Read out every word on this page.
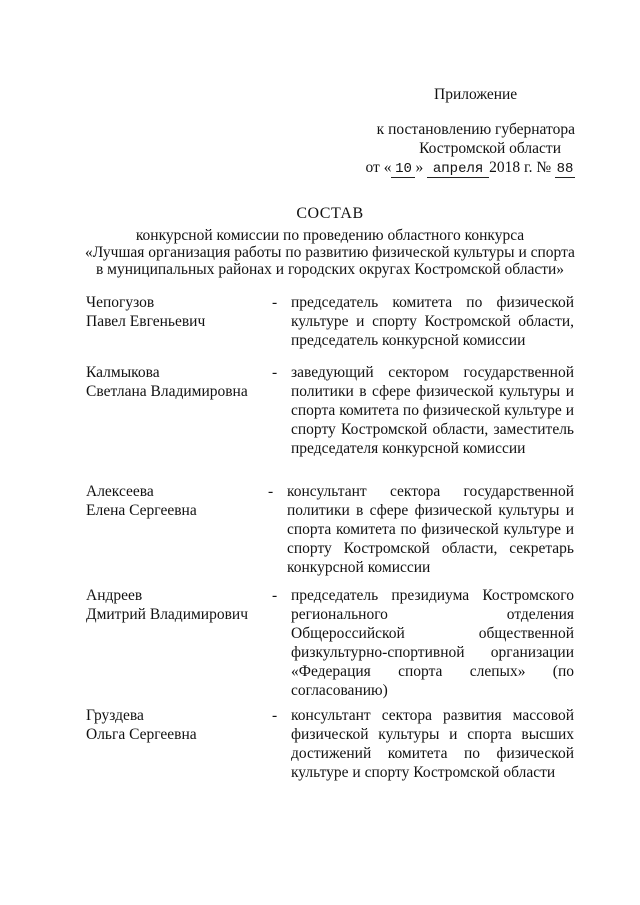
Приложение
к постановлению губернатора
Костромской области
от « 10 » апреля 2018 г. № 88
СОСТАВ
конкурсной комиссии по проведению областного конкурса
«Лучшая организация работы по развитию физической культуры и спорта
в муниципальных районах и городских округах Костромской области»
Чепогузов
Павел Евгеньевич
- председатель комитета по физической культуре и спорту Костромской области, председатель конкурсной комиссии
Калмыкова
Светлана Владимировна
- заведующий сектором государственной политики в сфере физической культуры и спорта комитета по физической культуре и спорту Костромской области, заместитель председателя конкурсной комиссии
Алексеева
Елена Сергеевна
- консультант сектора государственной политики в сфере физической культуры и спорта комитета по физической культуре и спорту Костромской области, секретарь конкурсной комиссии
Андреев
Дмитрий Владимирович
- председатель президиума Костромского регионального отделения Общероссийской общественной физкультурно-спортивной организации «Федерация спорта слепых» (по согласованию)
Груздева
Ольга Сергеевна
- консультант сектора развития массовой физической культуры и спорта высших достижений комитета по физической культуре и спорту Костромской области
